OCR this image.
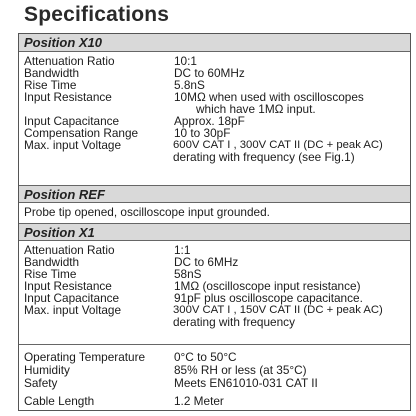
Specifications
Position X10
Attenuation Ratio	10:1
Bandwidth	DC to 60MHz
Rise Time	5.8nS
Input Resistance	10MΩ when used with oscilloscopes
which have 1MΩ input.
Input Capacitance	Approx. 18pF
Compensation Range	10 to 30pF
Max. input Voltage	600V CAT I , 300V CAT II (DC + peak AC)
derating with frequency (see Fig.1)
Position REF
Probe tip opened, oscilloscope input grounded.
Position X1
Attenuation Ratio	1:1
Bandwidth	DC to 6MHz
Rise Time	58nS
Input Resistance	1MΩ (oscilloscope input resistance)
Input Capacitance	91pF plus oscilloscope capacitance.
Max. input Voltage	300V CAT I , 150V CAT II (DC + peak AC)
derating with frequency
Operating Temperature 0°C to 50°C
Humidity	85% RH or less (at 35°C)
Safety	Meets EN61010-031 CAT II
Cable Length	1.2 Meter
